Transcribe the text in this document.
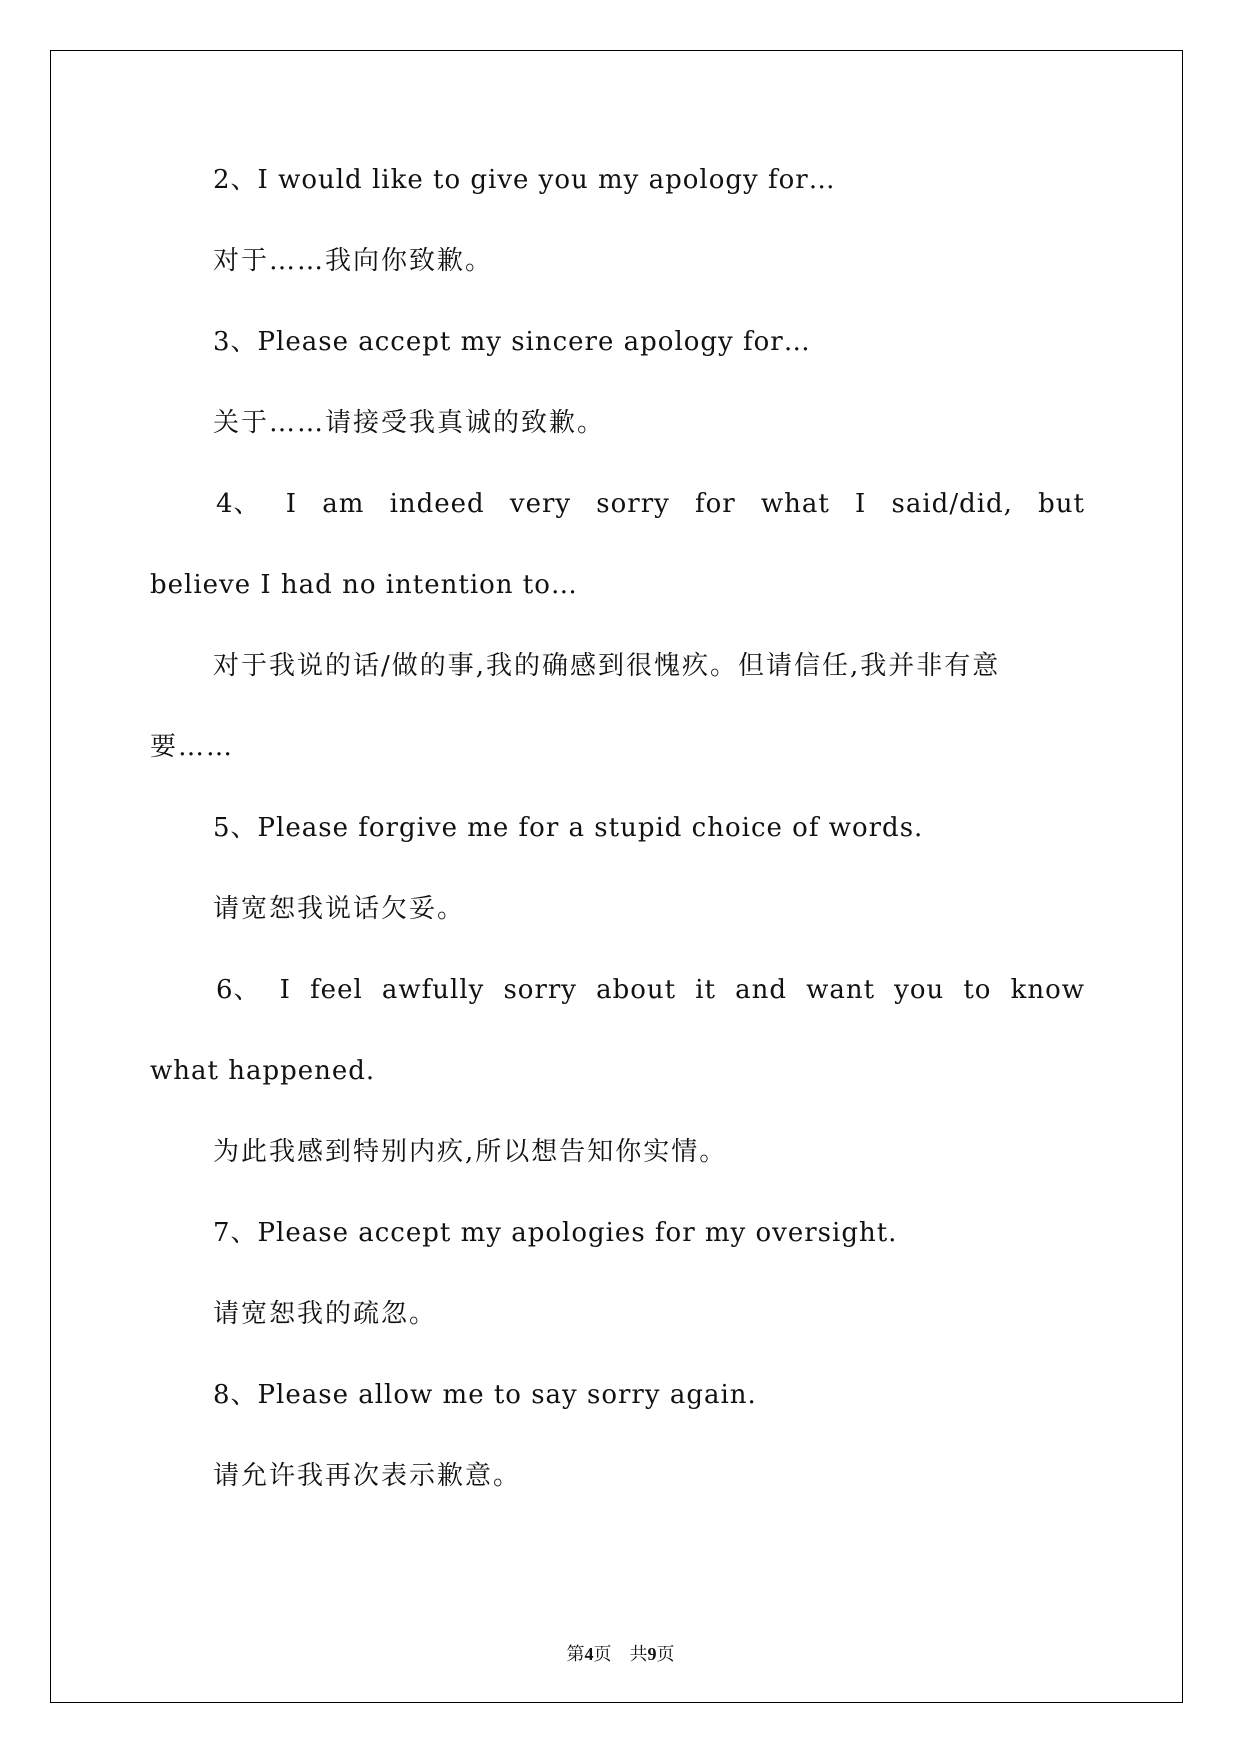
2、I would like to give you my apology for…
对于……我向你致歉。
3、Please accept my sincere apology for…
关于……请接受我真诚的致歉。
4、 I am indeed very sorry for what I said/did, but
believe I had no intention to…
对于我说的话/做的事,我的确感到很愧疚。但请信任,我并非有意
要……
5、Please forgive me for a stupid choice of words.
请宽恕我说话欠妥。
6、 I feel awfully sorry about it and want you to know
what happened.
为此我感到特别内疚,所以想告知你实情。
7、Please accept my apologies for my oversight.
请宽恕我的疏忽。
8、Please allow me to say sorry again.
请允许我再次表示歉意。
第4页　共9页
